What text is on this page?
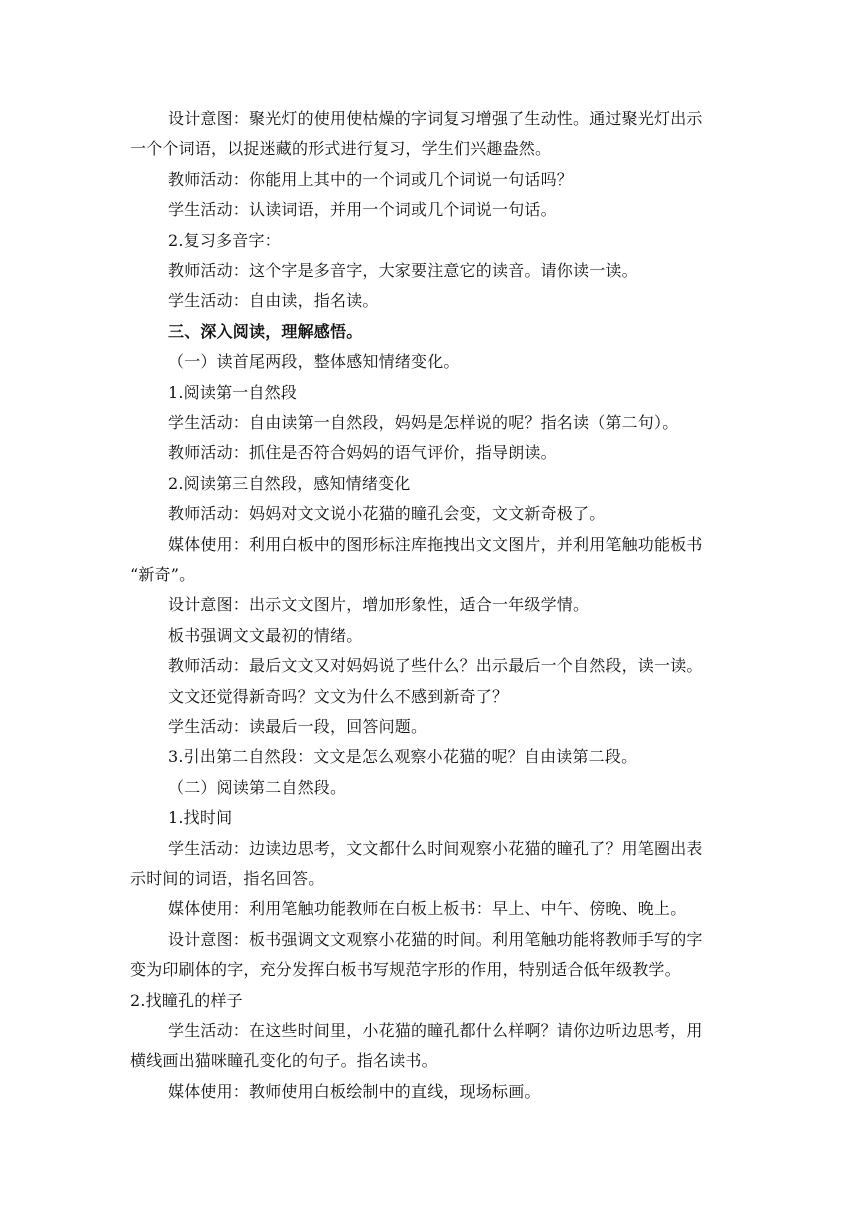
设计意图：聚光灯的使用使枯燥的字词复习增强了生动性。通过聚光灯出示
一个个词语，以捉迷藏的形式进行复习，学生们兴趣盎然。
教师活动：你能用上其中的一个词或几个词说一句话吗？
学生活动：认读词语，并用一个词或几个词说一句话。
2.复习多音字：
教师活动：这个字是多音字，大家要注意它的读音。请你读一读。
学生活动：自由读，指名读。
三、深入阅读，理解感悟。
（一）读首尾两段，整体感知情绪变化。
1.阅读第一自然段
学生活动：自由读第一自然段，妈妈是怎样说的呢？指名读（第二句）。
教师活动：抓住是否符合妈妈的语气评价，指导朗读。
2.阅读第三自然段，感知情绪变化
教师活动：妈妈对文文说小花猫的瞳孔会变，文文新奇极了。
媒体使用：利用白板中的图形标注库拖拽出文文图片，并利用笔触功能板书
“新奇”。
设计意图：出示文文图片，增加形象性，适合一年级学情。
板书强调文文最初的情绪。
教师活动：最后文文又对妈妈说了些什么？出示最后一个自然段，读一读。
文文还觉得新奇吗？文文为什么不感到新奇了？
学生活动：读最后一段，回答问题。
3.引出第二自然段：文文是怎么观察小花猫的呢？自由读第二段。
（二）阅读第二自然段。
1.找时间
学生活动：边读边思考，文文都什么时间观察小花猫的瞳孔了？用笔圈出表
示时间的词语，指名回答。
媒体使用：利用笔触功能教师在白板上板书：早上、中午、傍晚、晚上。
设计意图：板书强调文文观察小花猫的时间。利用笔触功能将教师手写的字
变为印刷体的字，充分发挥白板书写规范字形的作用，特别适合低年级教学。
2.找瞳孔的样子
学生活动：在这些时间里，小花猫的瞳孔都什么样啊？请你边听边思考，用
横线画出猫咪瞳孔变化的句子。指名读书。
媒体使用：教师使用白板绘制中的直线，现场标画。
